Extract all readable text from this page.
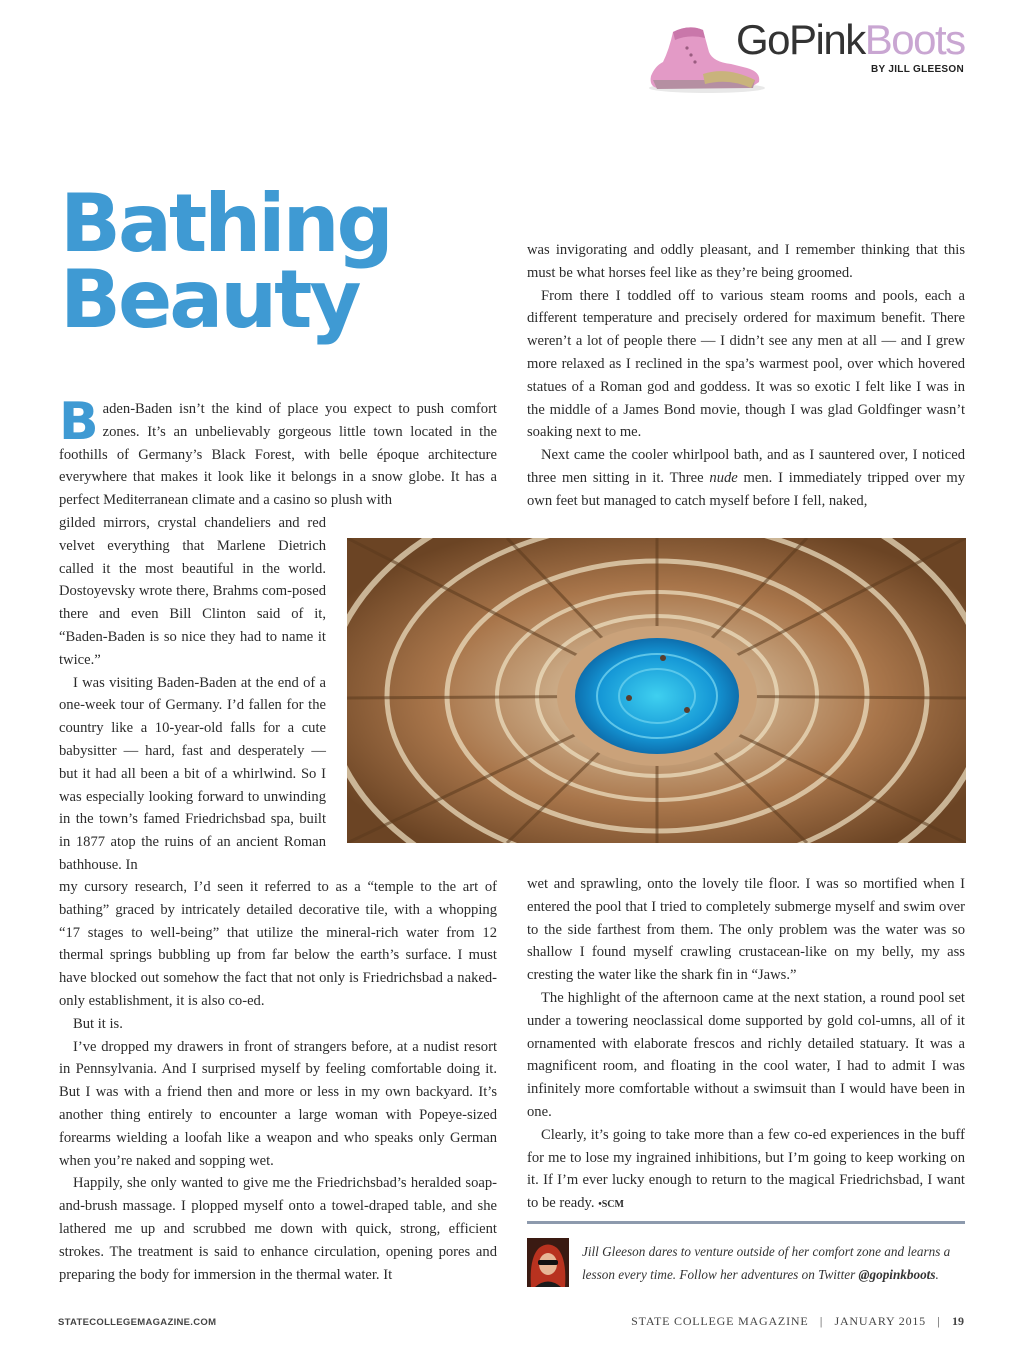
GoPinkBoots
BY JILL GLEESON
Bathing
Beauty

Baden-Baden isn’t the kind of place you expect to push comfort zones. It’s an unbelievably gorgeous little town located in the foothills of Germany’s Black Forest, with belle époque architecture everywhere that makes it look like it belongs in a snow globe. It has a perfect Mediterranean climate and a casino so plush with

gilded mirrors, crystal chandeliers and red velvet everything that Marlene Dietrich called it the most beautiful in the world. Dostoyevsky wrote there, Brahms com-posed there and even Bill Clinton said of it, “Baden-Baden is so nice they had to name it twice.”

I was visiting Baden-Baden at the end of a one-week tour of Germany. I’d fallen for the country like a 10-year-old falls for a cute babysitter — hard, fast and desperately — but it had all been a bit of a whirlwind. So I was especially looking forward to unwinding in the town’s famed Friedrichsbad spa, built in 1877 atop the ruins of an ancient Roman bathhouse. In

my cursory research, I’d seen it referred to as a “temple to the art of bathing” graced by intricately detailed decorative tile, with a whopping “17 stages to well-being” that utilize the mineral-rich water from 12 thermal springs bubbling up from far below the earth’s surface. I must have blocked out somehow the fact that not only is Friedrichsbad a naked-only establishment, it is also co-ed.

But it is.

I’ve dropped my drawers in front of strangers before, at a nudist resort in Pennsylvania. And I surprised myself by feeling comfortable doing it. But I was with a friend then and more or less in my own backyard. It’s another thing entirely to encounter a large woman with Popeye-sized forearms wielding a loofah like a weapon and who speaks only German when you’re naked and sopping wet.

Happily, she only wanted to give me the Friedrichsbad’s heralded soap-and-brush massage. I plopped myself onto a towel-draped table, and she lathered me up and scrubbed me down with quick, strong, efficient strokes. The treatment is said to enhance circulation, opening pores and preparing the body for immersion in the thermal water. It

was invigorating and oddly pleasant, and I remember thinking that this must be what horses feel like as they’re being groomed.

From there I toddled off to various steam rooms and pools, each a different temperature and precisely ordered for maximum benefit. There weren’t a lot of people there — I didn’t see any men at all — and I grew more relaxed as I reclined in the spa’s warmest pool, over which hovered statues of a Roman god and goddess. It was so exotic I felt like I was in the middle of a James Bond movie, though I was glad Goldfinger wasn’t soaking next to me.

Next came the cooler whirlpool bath, and as I sauntered over, I noticed three men sitting in it. Three nude men. I immediately tripped over my own feet but managed to catch myself before I fell, naked,

wet and sprawling, onto the lovely tile floor. I was so mortified when I entered the pool that I tried to completely submerge myself and swim over to the side farthest from them. The only problem was the water was so shallow I found myself crawling crustacean-like on my belly, my ass cresting the water like the shark fin in “Jaws.”

The highlight of the afternoon came at the next station, a round pool set under a towering neoclassical dome supported by gold col-umns, all of it ornamented with elaborate frescos and richly detailed statuary. It was a magnificent room, and floating in the cool water, I had to admit I was infinitely more comfortable without a swimsuit than I would have been in one.

Clearly, it’s going to take more than a few co-ed experiences in the buff for me to lose my ingrained inhibitions, but I’m going to keep working on it. If I’m ever lucky enough to return to the magical Friedrichsbad, I want to be ready. •SCM

Jill Gleeson dares to venture outside of her comfort zone and learns a lesson every time. Follow her adventures on Twitter @gopinkboots.
STATECOLLEGEMAGAZINE.COM	STATE COLLEGE MAGAZINE | JANUARY 2015 | 19
